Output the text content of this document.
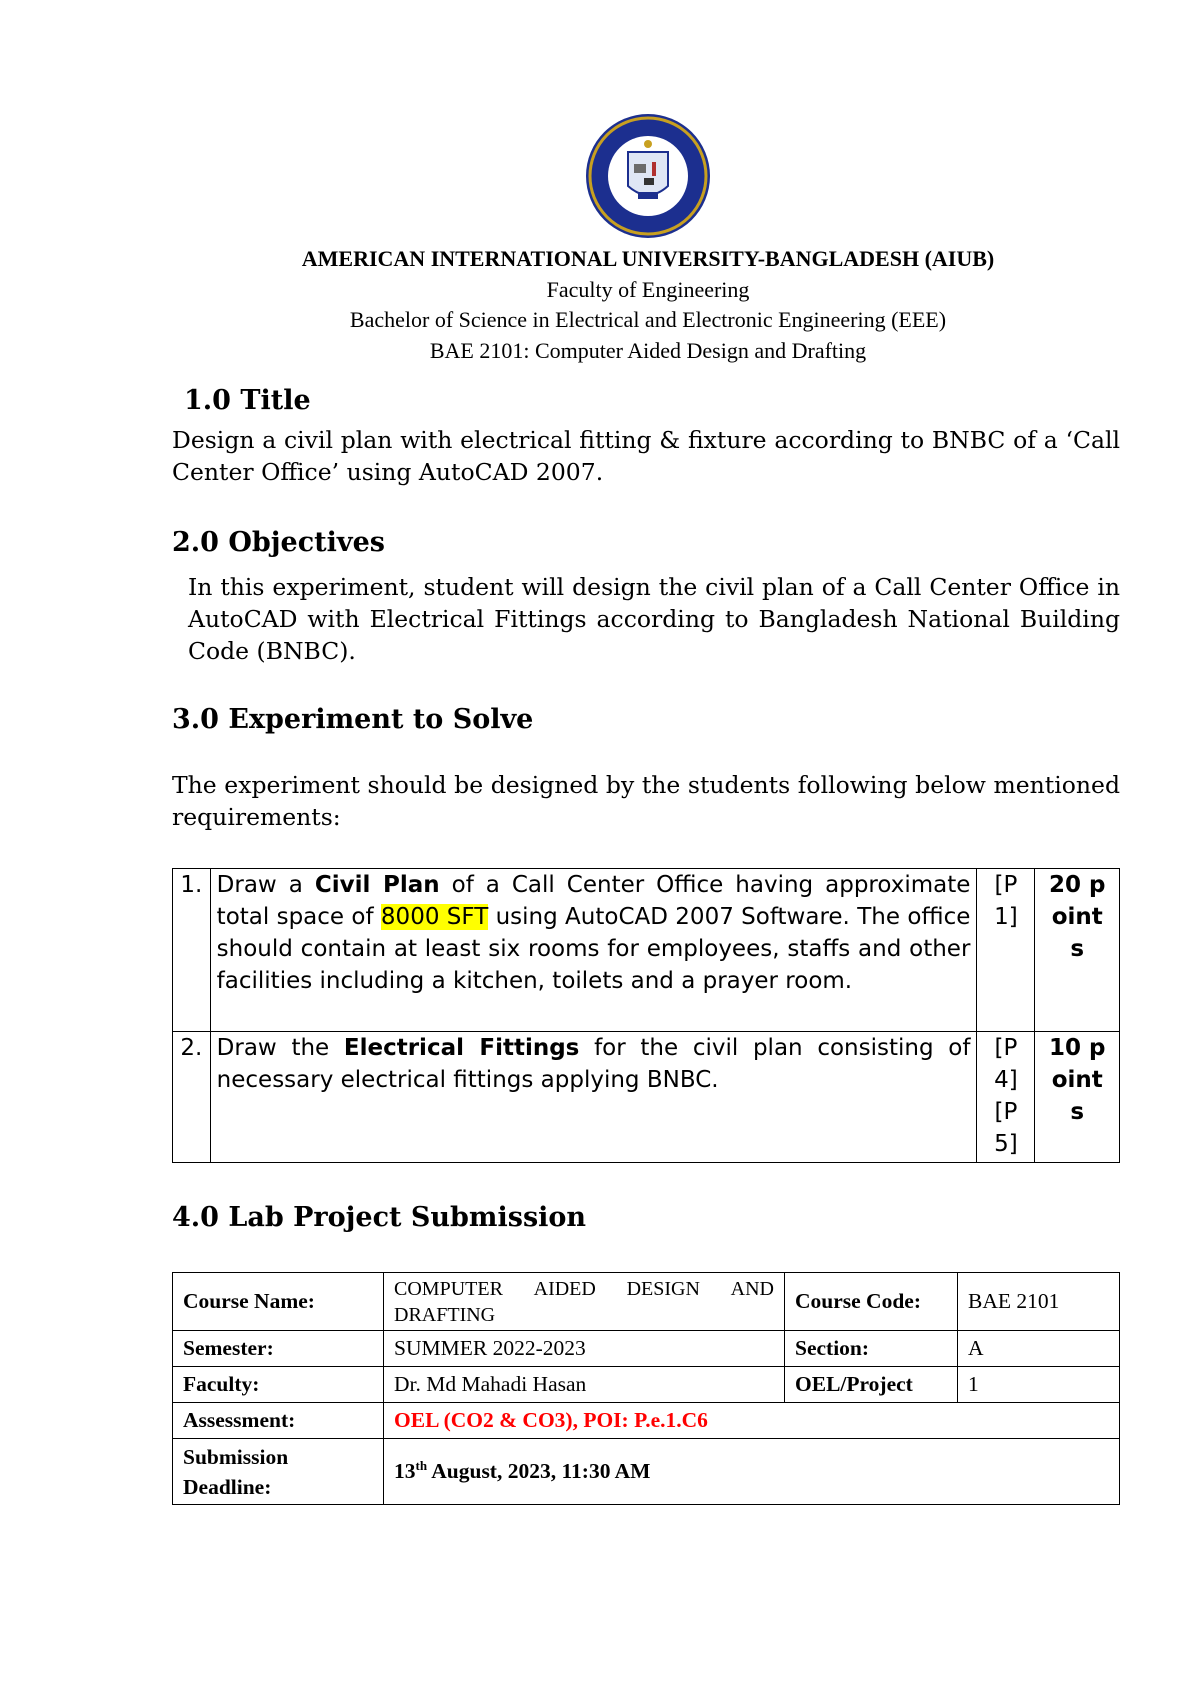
AMERICAN INTERNATIONAL UNIVERSITY-BANGLADESH (AIUB)
Faculty of Engineering
Bachelor of Science in Electrical and Electronic Engineering (EEE)
BAE 2101: Computer Aided Design and Drafting
1.0 Title

Design a civil plan with electrical fitting & fixture according to BNBC of a ‘Call Center Office’ using AutoCAD 2007.

2.0 Objectives

In this experiment, student will design the civil plan of a Call Center Office in AutoCAD with Electrical Fittings according to Bangladesh National Building Code (BNBC).

3.0 Experiment to Solve

The experiment should be designed by the students following below mentioned requirements:

1.	Draw a Civil Plan of a Call Center Office having approximate total space of 8000 SFT using AutoCAD 2007 Software. The office should contain at least six rooms for employees, staffs and other facilities including a kitchen, toilets and a prayer room.	[P1]	20 points

2.	Draw the Electrical Fittings for the civil plan consisting of necessary electrical fittings applying BNBC.	[P4] [P5]	10 points
4.0 Lab Project Submission
Course Name:	COMPUTER AIDED DESIGN AND
DRAFTING	Course Code:	BAE 2101
Semester:	SUMMER 2022-2023	Section:	A
Faculty:	Dr. Md Mahadi Hasan	OEL/Project	1
Assessment:	OEL (CO2 & CO3), POI: P.e.1.C6		
Submission Deadline:	13th August, 2023, 11:30 AM		
